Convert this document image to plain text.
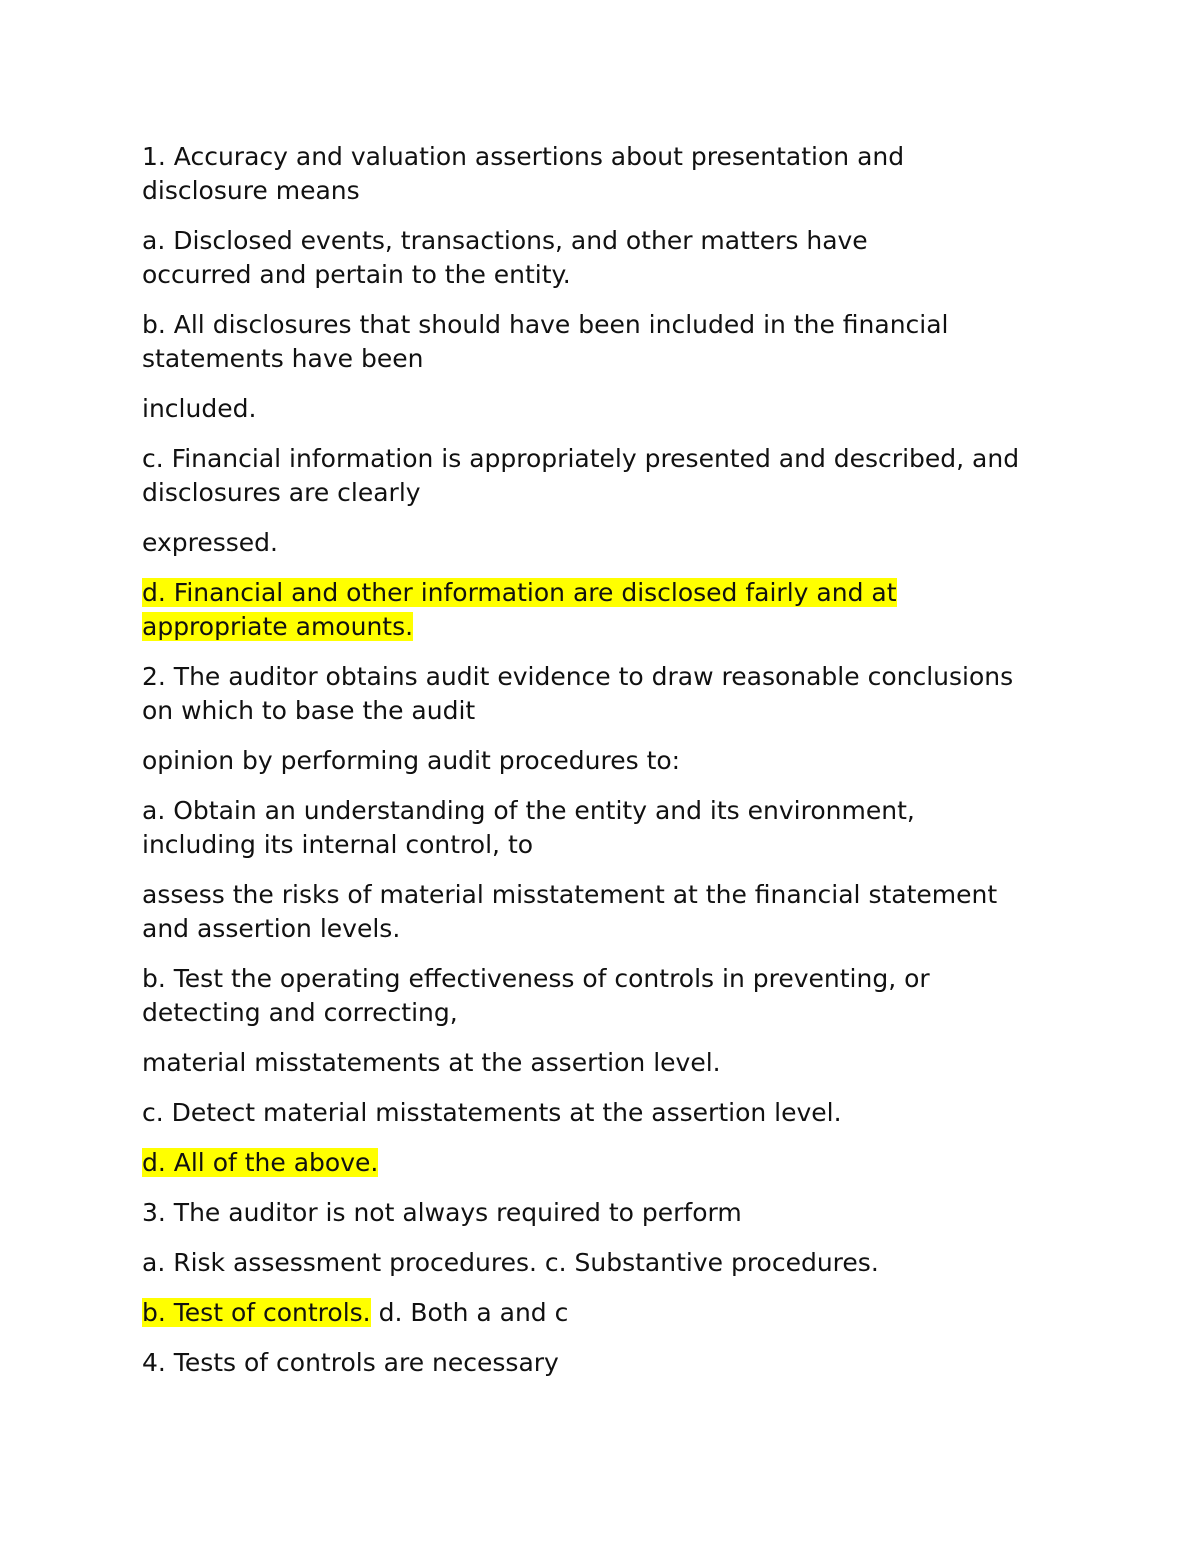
1. Accuracy and valuation assertions about presentation and disclosure means

a. Disclosed events, transactions, and other matters have occurred and pertain to the entity.

b. All disclosures that should have been included in the financial statements have been

included.

c. Financial information is appropriately presented and described, and disclosures are clearly

expressed.

d. Financial and other information are disclosed fairly and at appropriate amounts.

2. The auditor obtains audit evidence to draw reasonable conclusions on which to base the audit

opinion by performing audit procedures to:

a. Obtain an understanding of the entity and its environment, including its internal control, to

assess the risks of material misstatement at the financial statement and assertion levels.

b. Test the operating effectiveness of controls in preventing, or detecting and correcting,

material misstatements at the assertion level.

c. Detect material misstatements at the assertion level.

d. All of the above.

3. The auditor is not always required to perform

a. Risk assessment procedures. c. Substantive procedures.

b. Test of controls. d. Both a and c

4. Tests of controls are necessary
